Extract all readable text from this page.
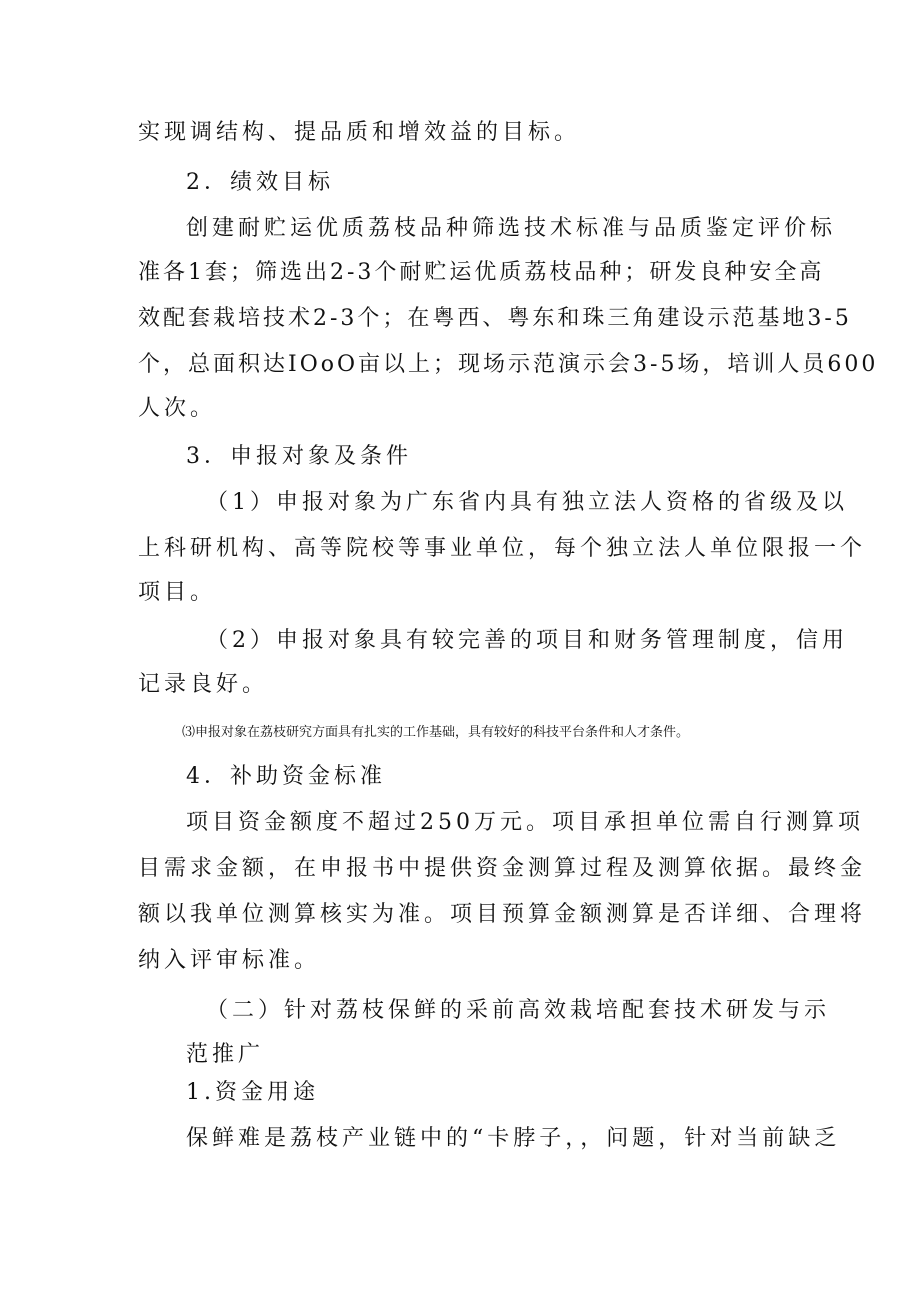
实现调结构、提品质和增效益的目标。
2．绩效目标
创建耐贮运优质荔枝品种筛选技术标准与品质鉴定评价标
准各1套；筛选出2-3个耐贮运优质荔枝品种；研发良种安全高
效配套栽培技术2-3个；在粤西、粤东和珠三角建设示范基地3-5
个，总面积达IOoO亩以上；现场示范演示会3-5场，培训人员600
人次。
3．申报对象及条件
（1）申报对象为广东省内具有独立法人资格的省级及以
上科研机构、高等院校等事业单位，每个独立法人单位限报一个
项目。
（2）申报对象具有较完善的项目和财务管理制度，信用
记录良好。
⑶申报对象在荔枝研究方面具有扎实的工作基础，具有较好的科技平台条件和人才条件。
4．补助资金标准
项目资金额度不超过250万元。项目承担单位需自行测算项
目需求金额，在申报书中提供资金测算过程及测算依据。最终金
额以我单位测算核实为准。项目预算金额测算是否详细、合理将
纳入评审标准。
（二）针对荔枝保鲜的采前高效栽培配套技术研发与示
范推广
1.资金用途
保鲜难是荔枝产业链中的“卡脖子，，问题，针对当前缺乏
